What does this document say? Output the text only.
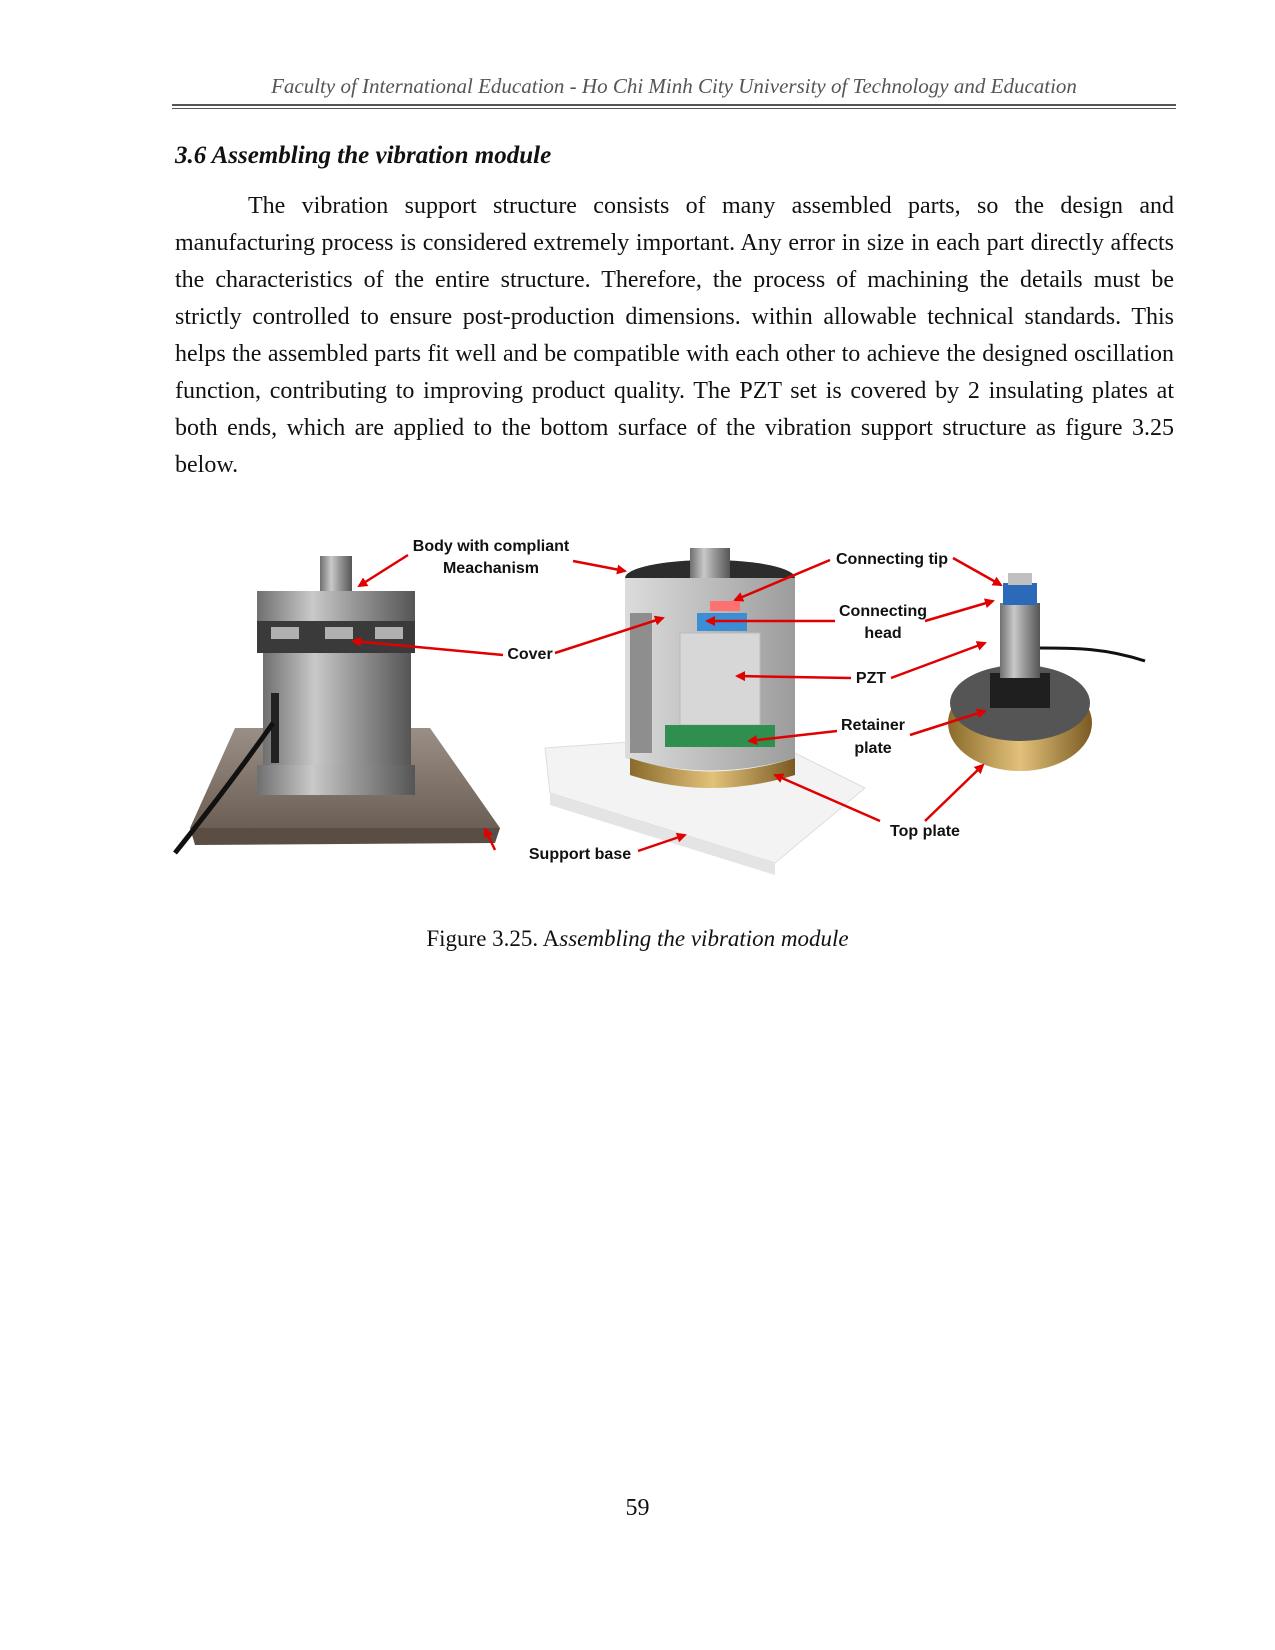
Faculty of International Education - Ho Chi Minh City University of Technology and Education
3.6 Assembling the vibration module
The vibration support structure consists of many assembled parts, so the design and manufacturing process is considered extremely important. Any error in size in each part directly affects the characteristics of the entire structure. Therefore, the process of machining the details must be strictly controlled to ensure post-production dimensions. within allowable technical standards. This helps the assembled parts fit well and be compatible with each other to achieve the designed oscillation function, contributing to improving product quality. The PZT set is covered by 2 insulating plates at both ends, which are applied to the bottom surface of the vibration support structure as figure 3.25 below.
Body with compliant
Meachanism
Cover
Support base
Connecting tip
Connecting
head
PZT
Retainer
plate
Top plate
Figure 3.25. Assembling the vibration module
59
